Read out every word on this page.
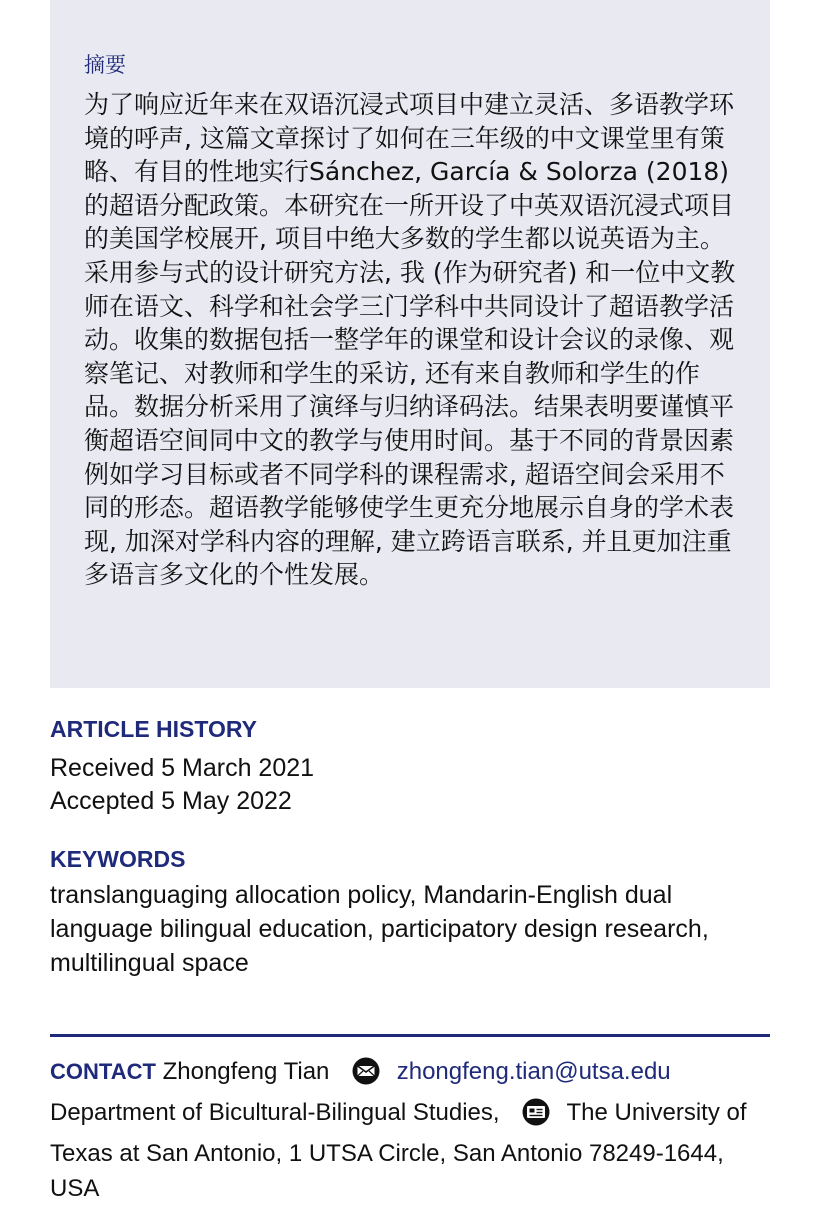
摘要

为了响应近年来在双语沉浸式项目中建立灵活、多语教学环境的呼声, 这篇文章探讨了如何在三年级的中文课堂里有策略、有目的性地实行Sánchez, García & Solorza (2018) 的超语分配政策。本研究在一所开设了中英双语沉浸式项目的美国学校展开, 项目中绝大多数的学生都以说英语为主。采用参与式的设计研究方法, 我 (作为研究者) 和一位中文教师在语文、科学和社会学三门学科中共同设计了超语教学活动。收集的数据包括一整学年的课堂和设计会议的录像、观察笔记、对教师和学生的采访, 还有来自教师和学生的作品。数据分析采用了演绎与归纳译码法。结果表明要谨慎平衡超语空间同中文的教学与使用时间。基于不同的背景因素例如学习目标或者不同学科的课程需求, 超语空间会采用不同的形态。超语教学能够使学生更充分地展示自身的学术表现, 加深对学科内容的理解, 建立跨语言联系, 并且更加注重多语言多文化的个性发展。

ARTICLE HISTORY

Received 5 March 2021

Accepted 5 May 2022

KEYWORDS

translanguaging allocation policy, Mandarin-English dual language bilingual education, participatory design research, multilingual space

CONTACT Zhongfeng Tian	zhongfeng.tian@utsa.edu
Department of Bicultural-Bilingual Studies,	The University of Texas at San Antonio, 1 UTSA Circle, San Antonio 78249-1644, USA
